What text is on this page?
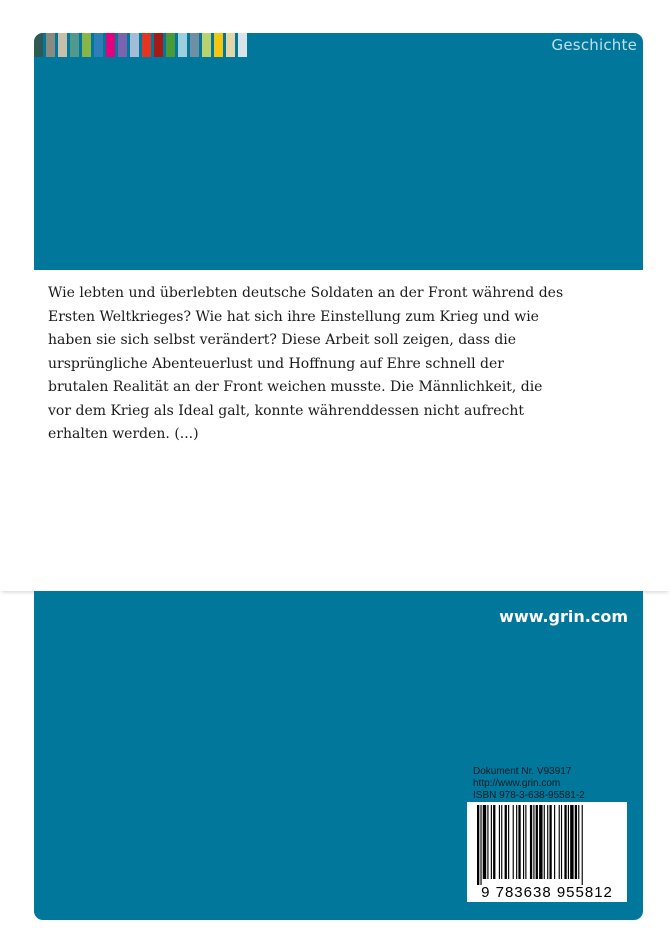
Geschichte

Wie lebten und überlebten deutsche Soldaten an der Front während des Ersten Weltkrieges? Wie hat sich ihre Einstellung zum Krieg und wie haben sie sich selbst verändert? Diese Arbeit soll zeigen, dass die ursprüngliche Abenteuerlust und Hoffnung auf Ehre schnell der brutalen Realität an der Front weichen musste. Die Männlichkeit, die vor dem Krieg als Ideal galt, konnte währenddessen nicht aufrecht erhalten werden. (...)

www.grin.com
Dokument Nr. V93917
http://www.grin.com
ISBN 978-3-638-95581-2
9 783638 955812
